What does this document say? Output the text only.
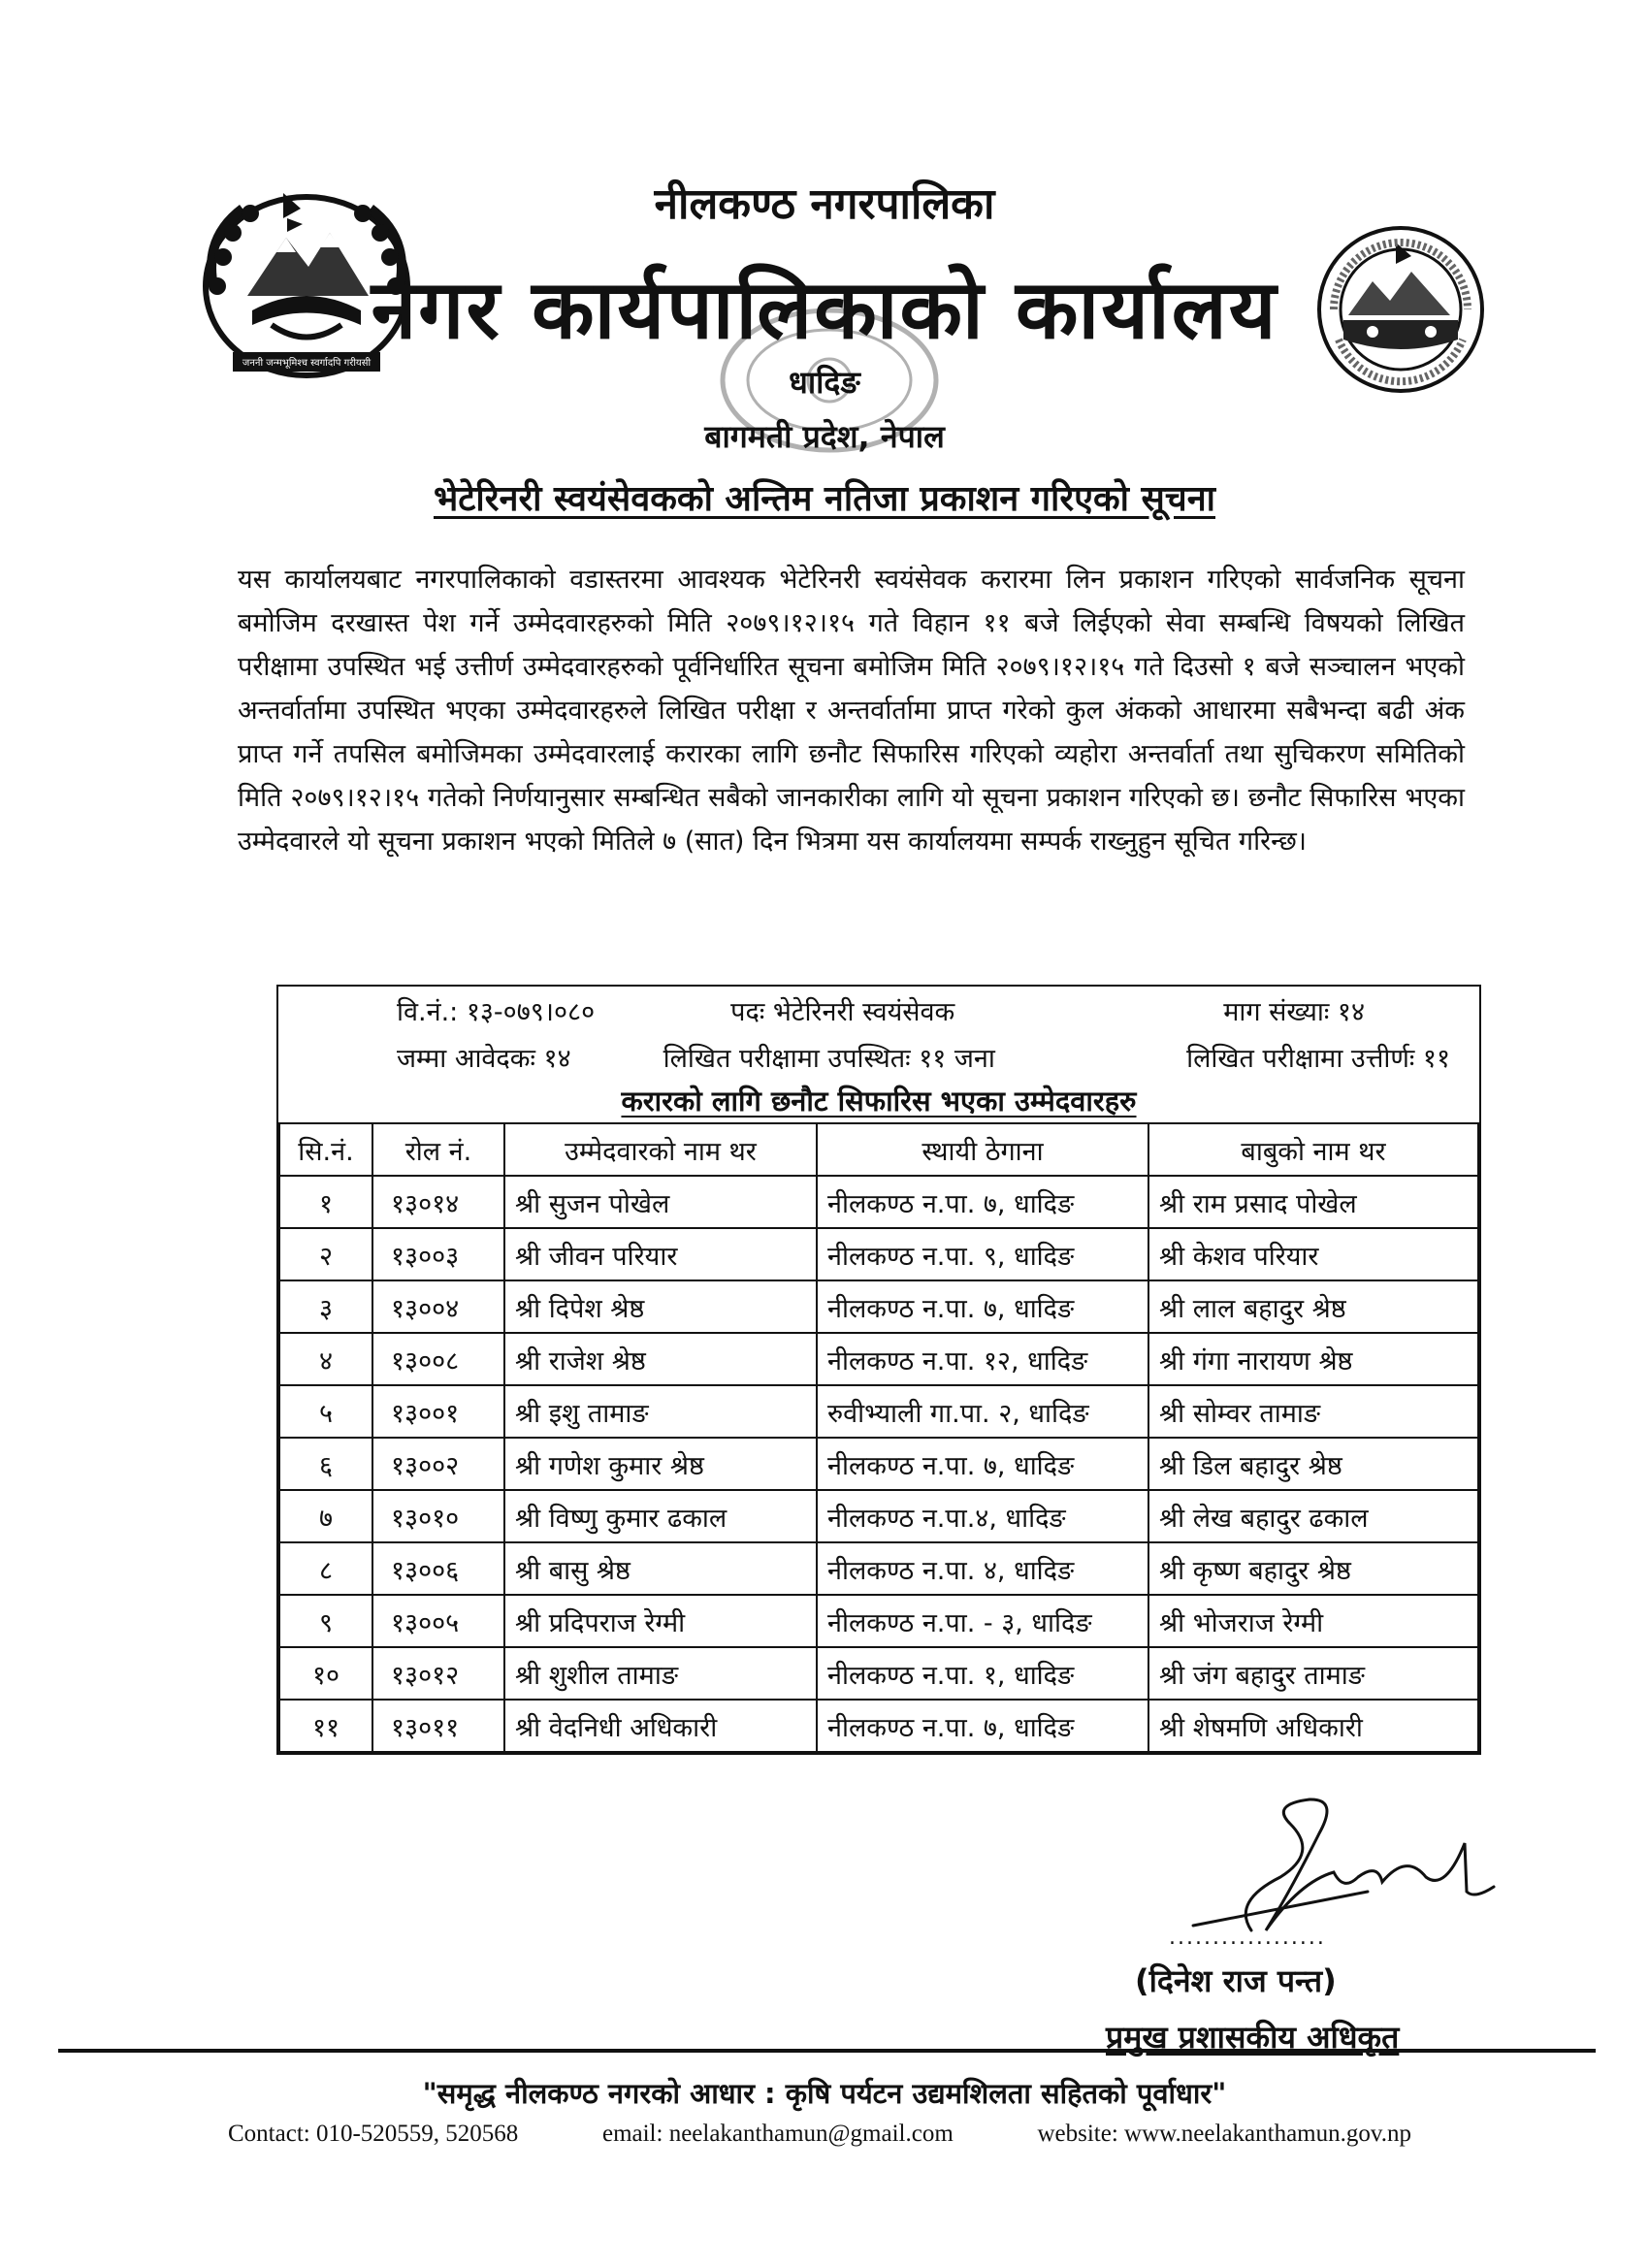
जननी जन्मभूमिश्च स्वर्गादपि गरीयसी
नीलकण्ठ नगरपालिका
नगर कार्यपालिकाको कार्यालय
धादिङ
बागमती प्रदेश, नेपाल
भेटेरिनरी स्वयंसेवकको अन्तिम नतिजा प्रकाशन गरिएको सूचना
यस कार्यालयबाट नगरपालिकाको वडास्तरमा आवश्यक भेटेरिनरी स्वयंसेवक करारमा लिन प्रकाशन गरिएको सार्वजनिक सूचना बमोजिम दरखास्त पेश गर्ने उम्मेदवारहरुको मिति २०७९।१२।१५ गते विहान ११ बजे लिईएको सेवा सम्बन्धि विषयको लिखित परीक्षामा उपस्थित भई उत्तीर्ण उम्मेदवारहरुको पूर्वनिर्धारित सूचना बमोजिम मिति २०७९।१२।१५ गते दिउसो १ बजे सञ्चालन भएको अन्तर्वार्तामा उपस्थित भएका उम्मेदवारहरुले लिखित परीक्षा र अन्तर्वार्तामा प्राप्त गरेको कुल अंकको आधारमा सबैभन्दा बढी अंक प्राप्त गर्ने तपसिल बमोजिमका उम्मेदवारलाई करारका लागि छनौट सिफारिस गरिएको व्यहोरा अन्तर्वार्ता तथा सुचिकरण समितिको मिति २०७९।१२।१५ गतेको निर्णयानुसार सम्बन्धित सबैको जानकारीका लागि यो सूचना प्रकाशन गरिएको छ। छनौट सिफारिस भएका उम्मेदवारले यो सूचना प्रकाशन भएको मितिले ७ (सात) दिन भित्रमा यस कार्यालयमा सम्पर्क राख्नुहुन सूचित गरिन्छ।
वि.नं.: १३-०७९।०८०	पदः भेटेरिनरी स्वयंसेवक	माग संख्याः १४
जम्मा आवेदकः १४	लिखित परीक्षामा उपस्थितः ११ जना	लिखित परीक्षामा उत्तीर्णः ११
करारको लागि छनौट सिफारिस भएका उम्मेदवारहरु
सि.नं.	रोल नं.	उम्मेदवारको नाम थर	स्थायी ठेगाना	बाबुको नाम थर
१	१३०१४	श्री सुजन पोखेल	नीलकण्ठ न.पा. ७, धादिङ	श्री राम प्रसाद पोखेल
२	१३००३	श्री जीवन परियार	नीलकण्ठ न.पा. ९, धादिङ	श्री केशव परियार
३	१३००४	श्री दिपेश श्रेष्ठ	नीलकण्ठ न.पा. ७, धादिङ	श्री लाल बहादुर श्रेष्ठ
४	१३००८	श्री राजेश श्रेष्ठ	नीलकण्ठ न.पा. १२, धादिङ	श्री गंगा नारायण श्रेष्ठ
५	१३००१	श्री इशु तामाङ	रुवीभ्याली गा.पा. २, धादिङ	श्री सोम्वर तामाङ
६	१३००२	श्री गणेश कुमार श्रेष्ठ	नीलकण्ठ न.पा. ७, धादिङ	श्री डिल बहादुर श्रेष्ठ
७	१३०१०	श्री विष्णु कुमार ढकाल	नीलकण्ठ न.पा.४, धादिङ	श्री लेख बहादुर ढकाल
८	१३००६	श्री बासु श्रेष्ठ	नीलकण्ठ न.पा. ४, धादिङ	श्री कृष्ण बहादुर श्रेष्ठ
९	१३००५	श्री प्रदिपराज रेग्मी	नीलकण्ठ न.पा. - ३, धादिङ	श्री भोजराज रेग्मी
१०	१३०१२	श्री शुशील तामाङ	नीलकण्ठ न.पा. १, धादिङ	श्री जंग बहादुर तामाङ
११	१३०११	श्री वेदनिधी अधिकारी	नीलकण्ठ न.पा. ७, धादिङ	श्री शेषमणि अधिकारी
..................
(दिनेश राज पन्त)
प्रमुख प्रशासकीय अधिकृत
"समृद्ध नीलकण्ठ नगरको आधार : कृषि पर्यटन उद्यमशिलता सहितको पूर्वाधार"
Contact: 010-520559, 520568	email: neelakanthamun@gmail.com	website: www.neelakanthamun.gov.np
